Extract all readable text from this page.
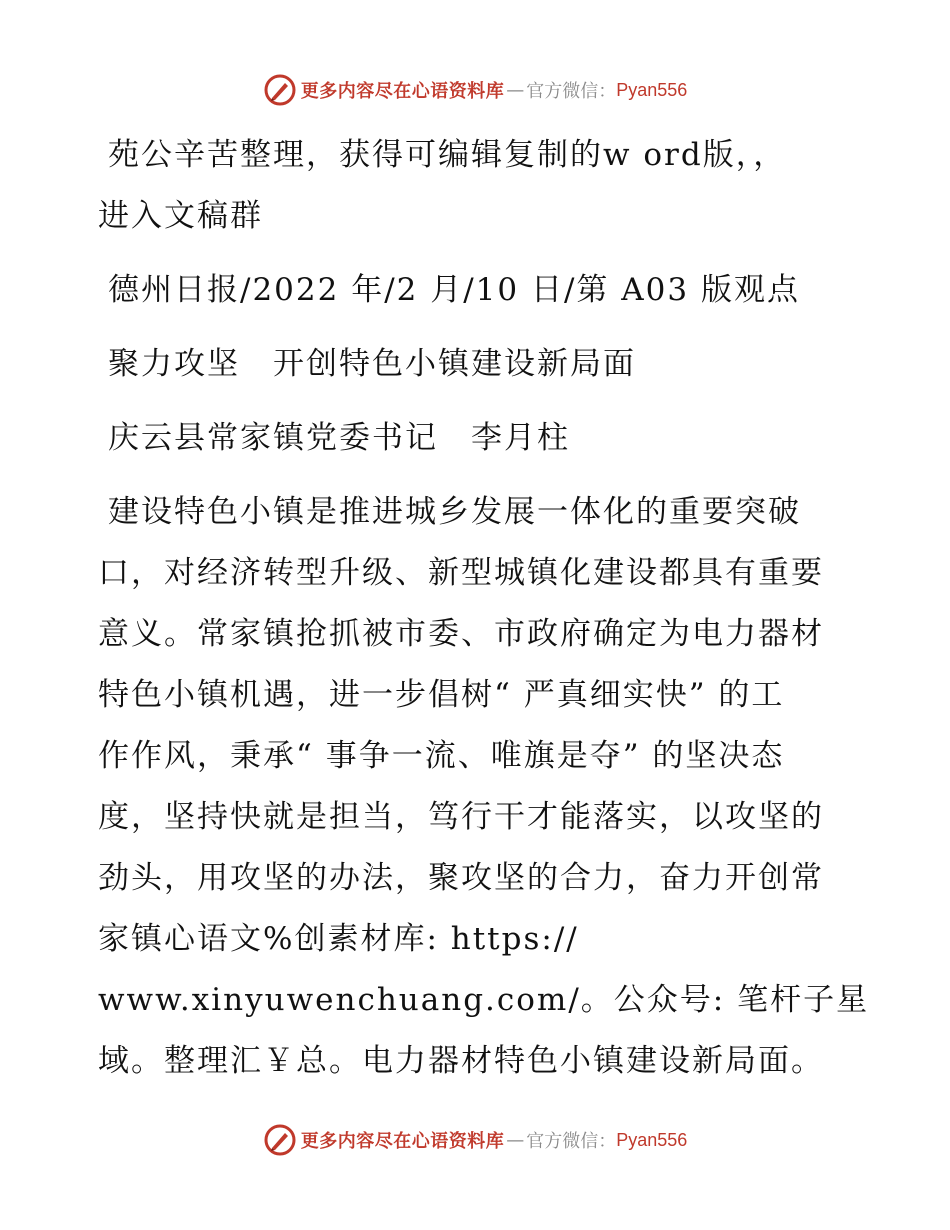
更多内容尽在心语资料库 — 官方微信： Pyan556
苑公辛苦整理，获得可编辑复制的w ord版，，
进入文稿群
德州日报/2022 年/2 月/10 日/第 A03 版观点
聚力攻坚　开创特色小镇建设新局面
庆云县常家镇党委书记　李月柱
建设特色小镇是推进城乡发展一体化的重要突破
口，对经济转型升级、新型城镇化建设都具有重要
意义。常家镇抢抓被市委、市政府确定为电力器材
特色小镇机遇，进一步倡树“ 严真细实快” 的工
作作风，秉承“ 事争一流、唯旗是夺” 的坚决态
度，坚持快就是担当，笃行干才能落实，以攻坚的
劲头，用攻坚的办法，聚攻坚的合力，奋力开创常
家镇心语文%创素材库: https://
www.xinyuwenchuang.com/。公众号: 笔杆子星
域。整理汇￥总。电力器材特色小镇建设新局面。
更多内容尽在心语资料库 — 官方微信： Pyan556
